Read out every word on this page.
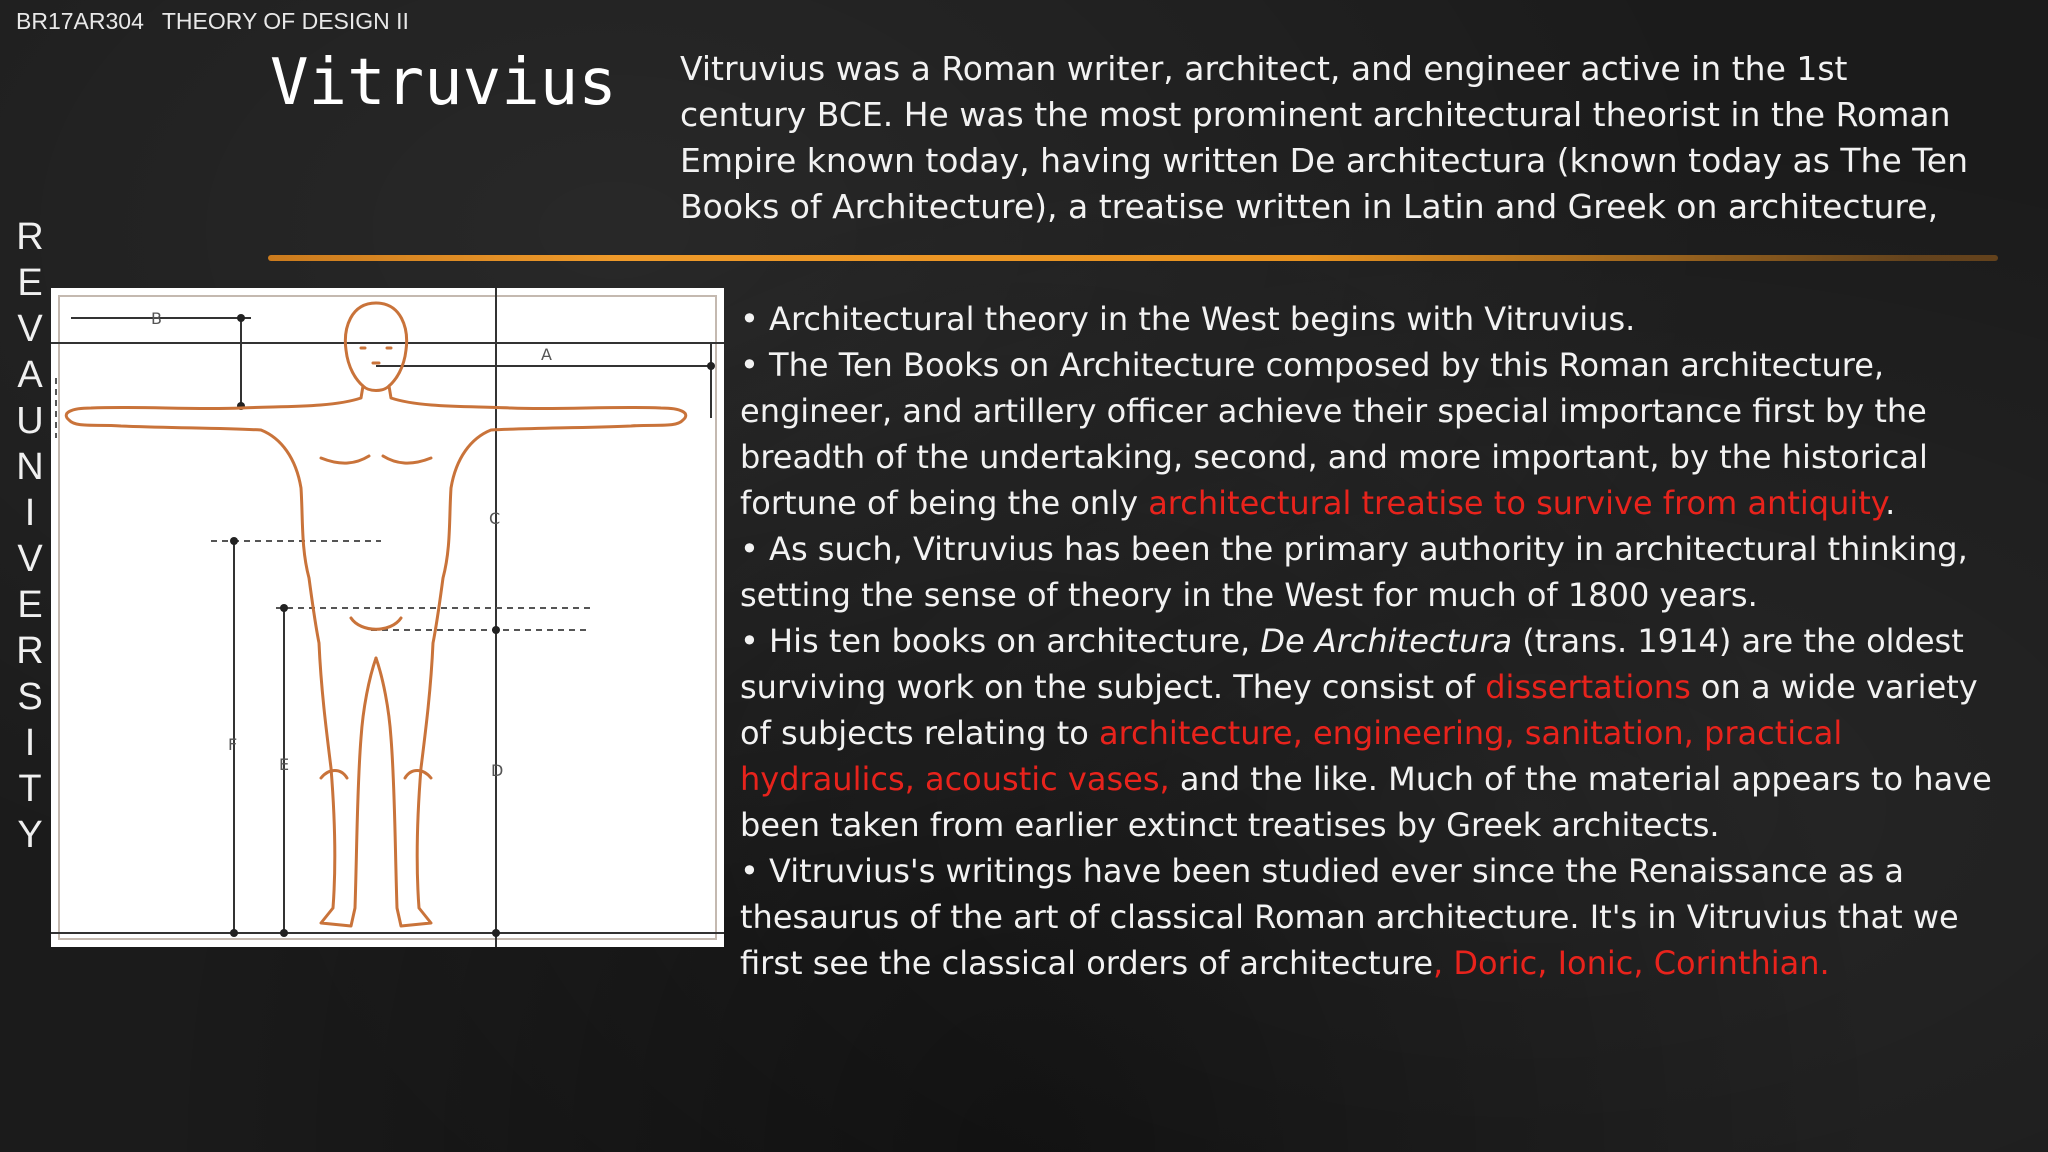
BR17AR304 THEORY OF DESIGN II
R
E
V
A
U
N
I
V
E
R
S
I
T
Y
Vitruvius Vitruvius was a Roman writer, architect, and engineer active in the 1st century BCE. He was the most prominent architectural theorist in the Roman Empire known today, having written De architectura (known today as The Ten Books of Architecture), a treatise written in Latin and Greek on architecture,
B
A
C
F
E	D

• Architectural theory in the West begins with Vitruvius.

• The Ten Books on Architecture composed by this Roman architecture, engineer, and artillery officer achieve their special importance first by the breadth of the undertaking, second, and more important, by the historical fortune of being the only architectural treatise to survive from antiquity.

• As such, Vitruvius has been the primary authority in architectural thinking, setting the sense of theory in the West for much of 1800 years.

• His ten books on architecture, De Architectura (trans. 1914) are the oldest surviving work on the subject. They consist of dissertations on a wide variety of subjects relating to architecture, engineering, sanitation, practical hydraulics, acoustic vases, and the like. Much of the material appears to have been taken from earlier extinct treatises by Greek architects.

• Vitruvius's writings have been studied ever since the Renaissance as a thesaurus of the art of classical Roman architecture. It's in Vitruvius that we first see the classical orders of architecture, Doric, Ionic, Corinthian.
